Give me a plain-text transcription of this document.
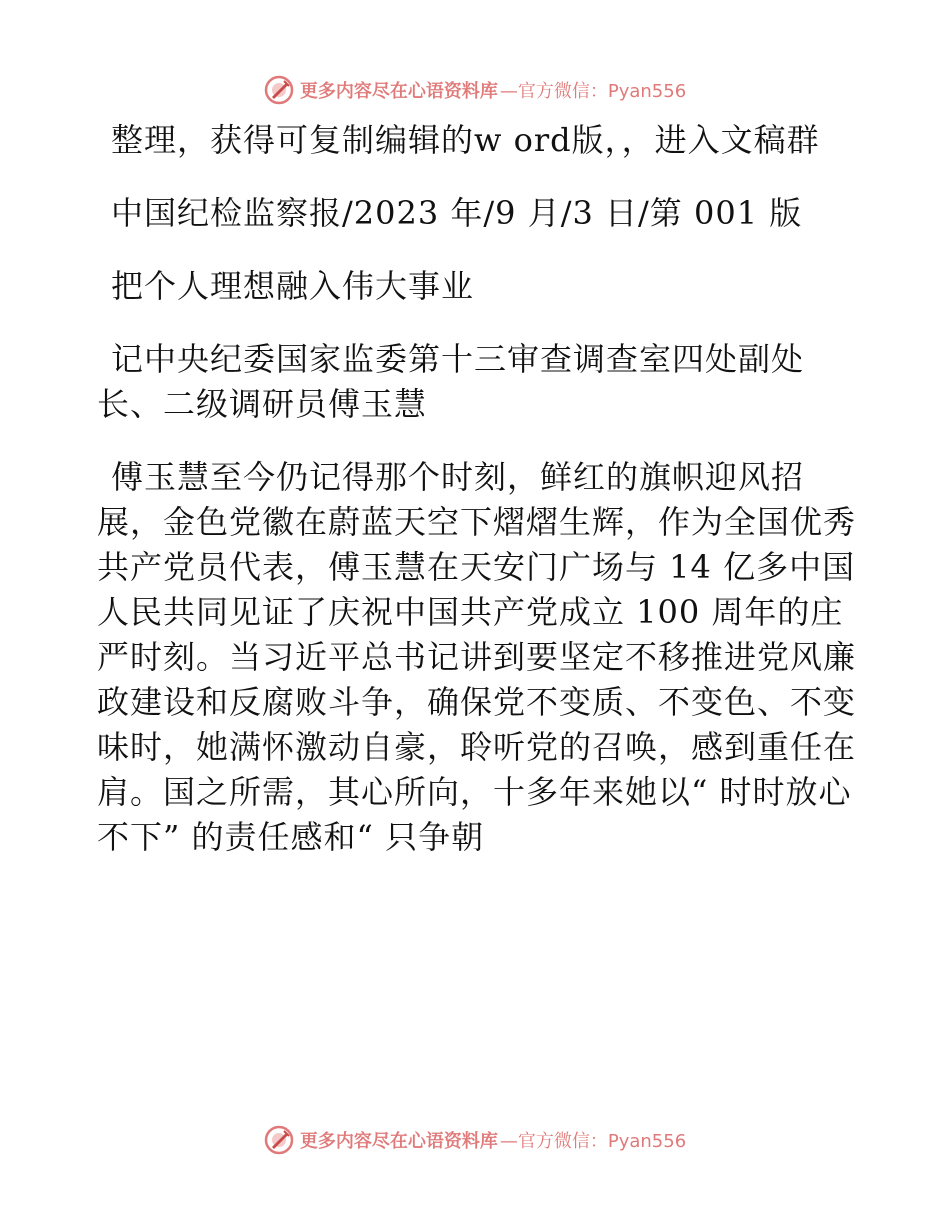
更多内容尽在心语资料库 —官方微信：Pyan556

整理，获得可复制编辑的w ord版，，进入文稿群

中国纪检监察报/2023 年/9 月/3 日/第 001 版

把个人理想融入伟大事业

记中央纪委国家监委第十三审查调查室四处副处长、二级调研员傅玉慧

傅玉慧至今仍记得那个时刻，鲜红的旗帜迎风招展，金色党徽在蔚蓝天空下熠熠生辉，作为全国优秀共产党员代表，傅玉慧在天安门广场与 14 亿多中国人民共同见证了庆祝中国共产党成立 100 周年的庄严时刻。当习近平总书记讲到要坚定不移推进党风廉政建设和反腐败斗争，确保党不变质、不变色、不变味时，她满怀激动自豪，聆听党的召唤，感到重任在肩。国之所需，其心所向，十多年来她以“ 时时放心不下” 的责任感和“ 只争朝

更多内容尽在心语资料库 —官方微信：Pyan556
